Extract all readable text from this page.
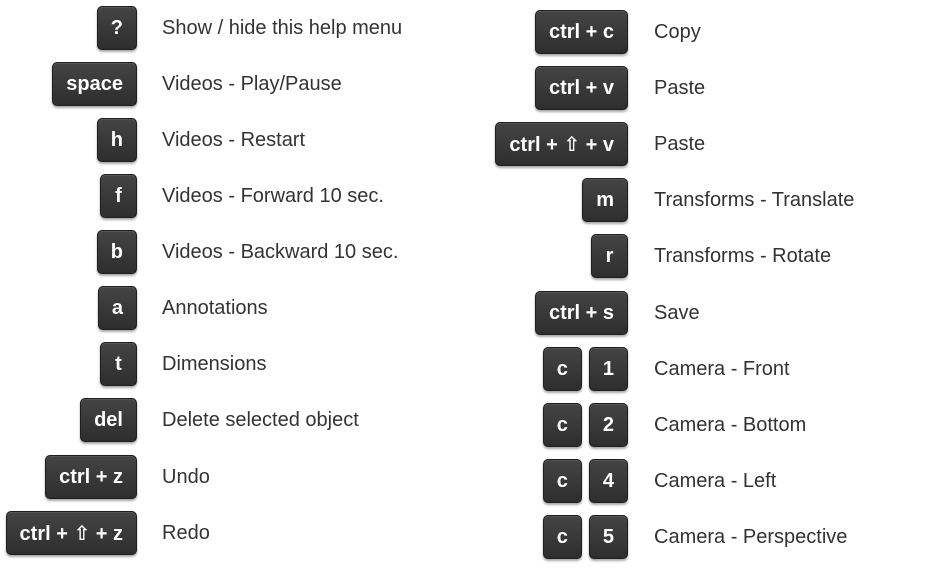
?	Show / hide this help menu
space	Videos - Play/Pause
h	Videos - Restart
f	Videos - Forward 10 sec.
b	Videos - Backward 10 sec.
a	Annotations
t	Dimensions
del	Delete selected object
ctrl + z	Undo
ctrl + ⇧ + z	Redo
ctrl + c	Copy
ctrl + v	Paste
ctrl + ⇧ + v	Paste
m	Transforms - Translate
r	Transforms - Rotate
ctrl + s	Save
c	1	Camera - Front
c	2	Camera - Bottom
c	4	Camera - Left
c	5	Camera - Perspective
